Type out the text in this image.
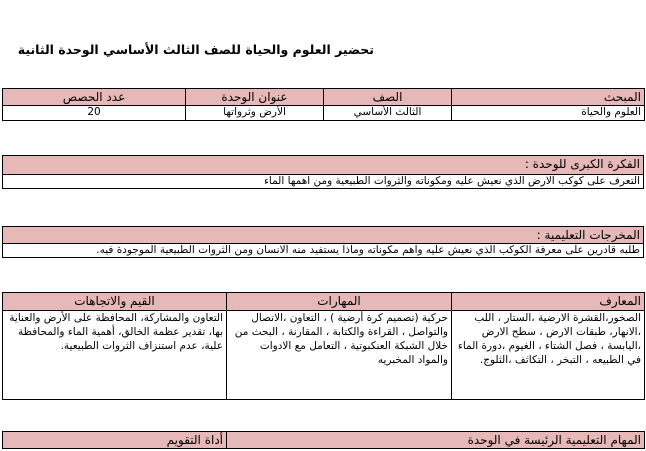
تحضير العلوم والحياة للصف الثالث الأساسي الوحدة الثانية
المبحث	الصف	عنوان الوحدة	عدد الحصص
العلوم والحياة	الثالث الأساسي	الأرض وثرواتها	20
الفكرة الكبرى للوحدة :
التعرف على كوكب الارض الذي نعيش عليه ومكوناته والثروات الطبيعية ومن اهمها الماء
المخرجات التعليمية :
طلبه قادرين على معرفة الكوكب الذي نعيش عليه واهم مكوناته وماذا يستفيد منه الانسان ومن الثروات الطبيعية الموجودة فيه.
المعارف	المهارات	القيم والاتجاهات
الصخور،القشرة الارضية ،الستار ، اللب ،الانهار، طبقات الارض ، سطح الارض ،اليابسة ، فصل الشتاء ، الغيوم ،دورة الماء في الطبيعه ، التبخر ، التكاثف ،الثلوج.	حركية (تصميم كرة أرضية ) ، التعاون ،الاتصال والتواصل ، القراءة والكتابة ، المقارنة ، البحث من خلال الشبكة العنكبوتية ، التعامل مع الادوات والمواد المخبريه	التعاون والمشاركة، المحافظة على الأرض والعناية بها، تقدير عظمة الخالق، أهمية الماء والمحافظة علية، عدم استنزاف الثروات الطبيعية.
المهام التعليمية الرئيسة في الوحدة	أداة التقويم
